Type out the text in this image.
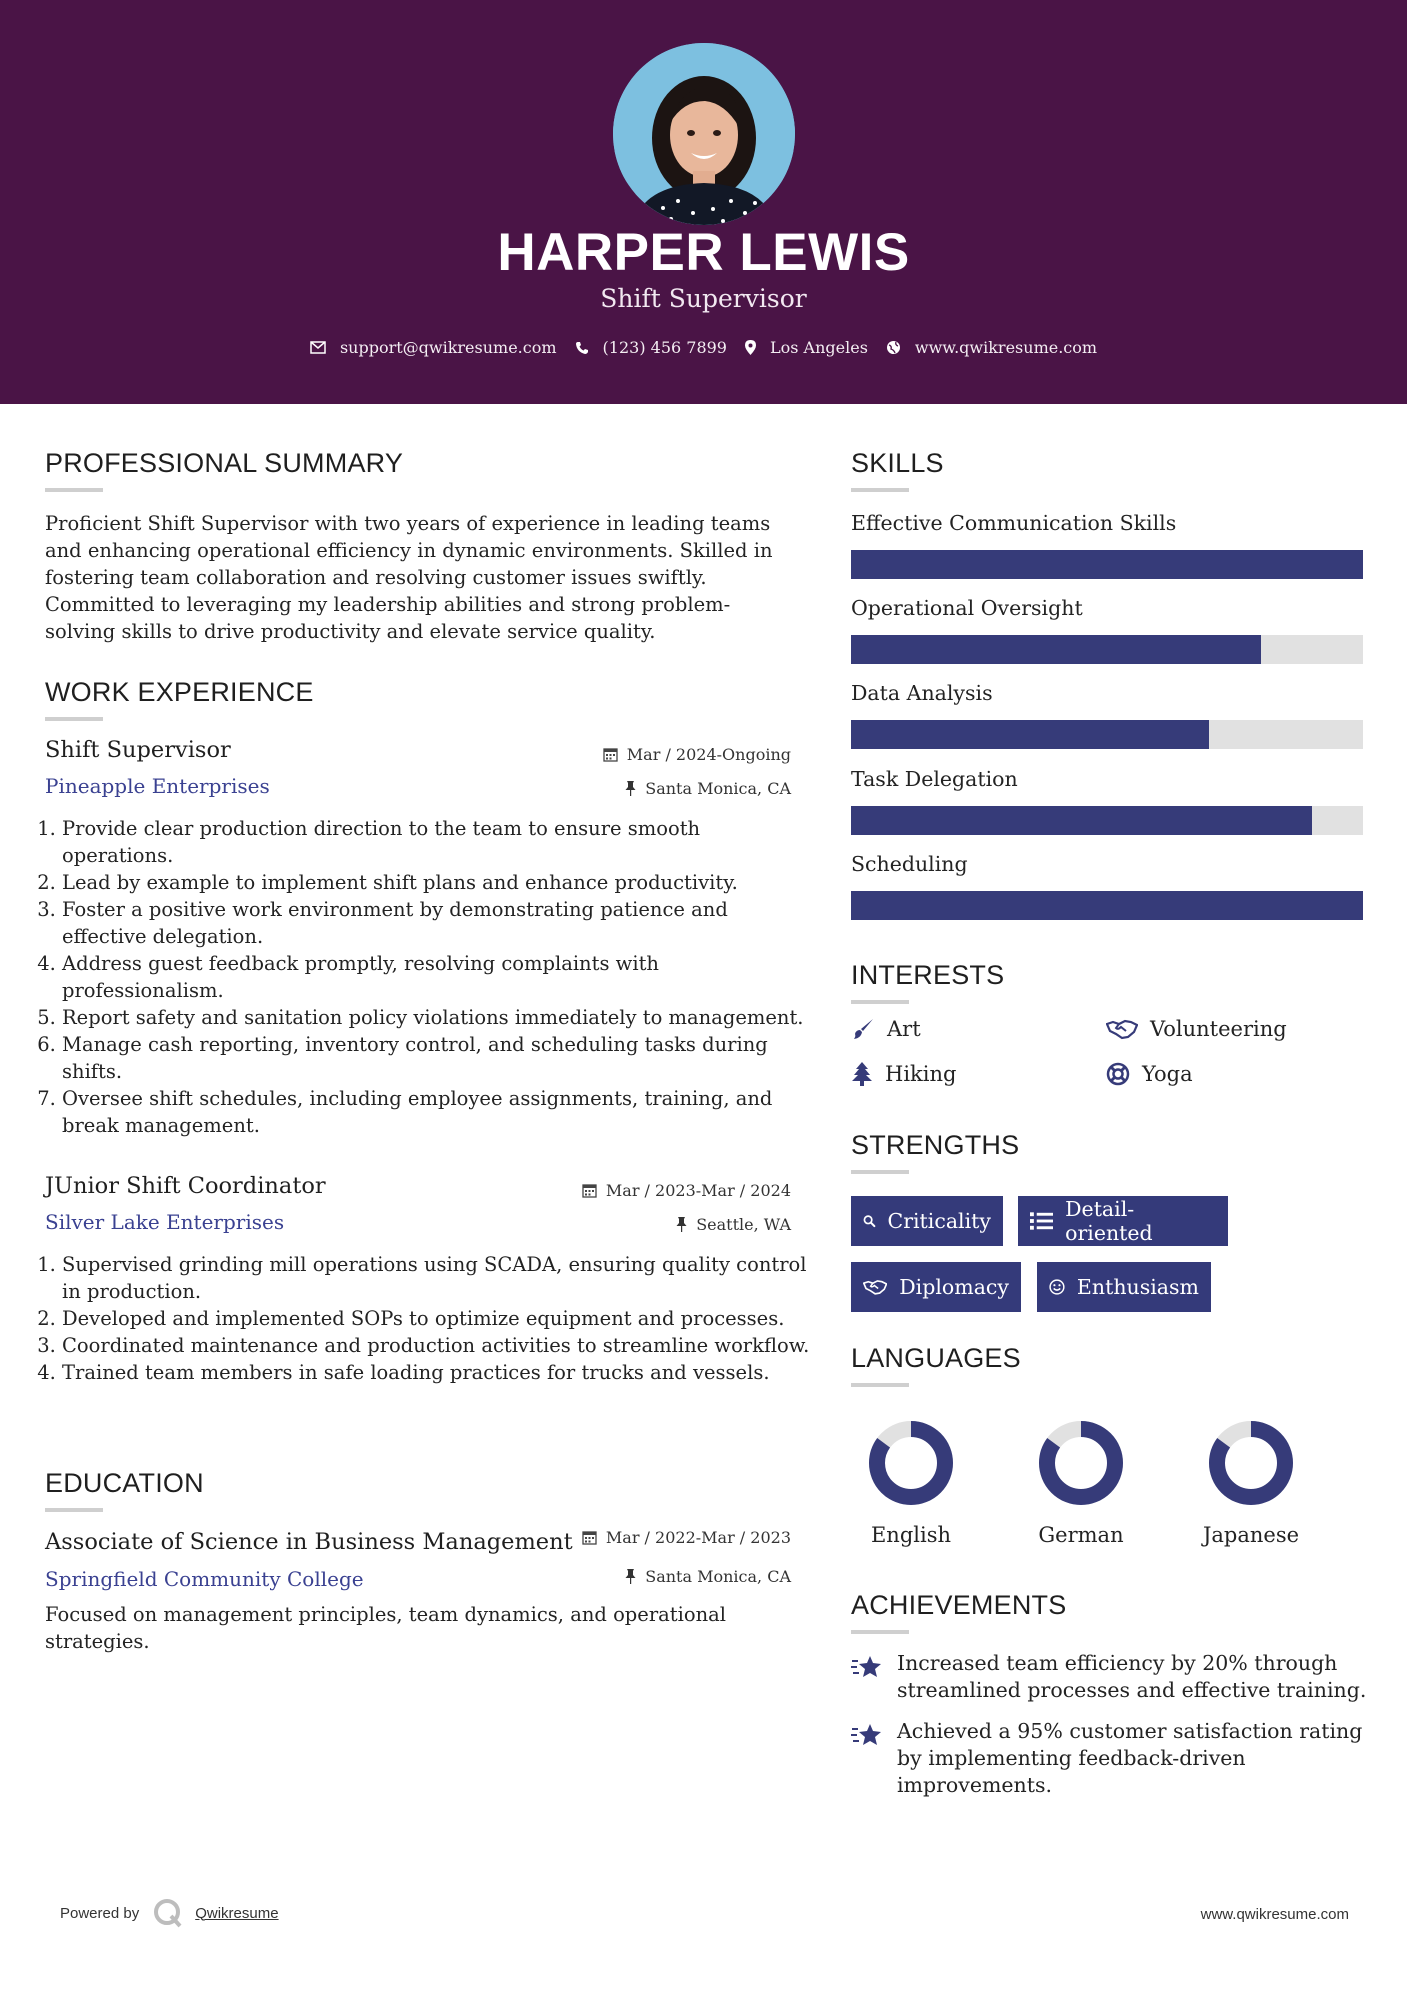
HARPER LEWIS
Shift Supervisor
support@qwikresume.com	(123) 456 7899	Los Angeles	www.qwikresume.com
PROFESSIONAL SUMMARY
Proficient Shift Supervisor with two years of experience in leading teams and enhancing operational efficiency in dynamic environments. Skilled in fostering team collaboration and resolving customer issues swiftly. Committed to leveraging my leadership abilities and strong problem-solving skills to drive productivity and elevate service quality.
WORK EXPERIENCE
Shift Supervisor	Mar / 2024-Ongoing
Pineapple Enterprises	Santa Monica, CA
1. Provide clear production direction to the team to ensure smooth operations.
2. Lead by example to implement shift plans and enhance productivity.
3. Foster a positive work environment by demonstrating patience and effective delegation.
4. Address guest feedback promptly, resolving complaints with professionalism.
5. Report safety and sanitation policy violations immediately to management.
6. Manage cash reporting, inventory control, and scheduling tasks during shifts.
7. Oversee shift schedules, including employee assignments, training, and break management.
JUnior Shift Coordinator	Mar / 2023-Mar / 2024
Silver Lake Enterprises	Seattle, WA
1. Supervised grinding mill operations using SCADA, ensuring quality control in production.
2. Developed and implemented SOPs to optimize equipment and processes.
3. Coordinated maintenance and production activities to streamline workflow.
4. Trained team members in safe loading practices for trucks and vessels.
EDUCATION
Associate of Science in Business Management Mar / 2022-Mar / 2023
Springfield Community College	Santa Monica, CA
Focused on management principles, team dynamics, and operational strategies.
SKILLS
Effective Communication Skills
Operational Oversight
Data Analysis
Task Delegation
Scheduling
INTERESTS
Art	Volunteering
Hiking	Yoga
STRENGTHS
Criticality	Detail-oriented
Diplomacy	Enthusiasm
LANGUAGES
English	German	Japanese
ACHIEVEMENTS
Increased team efficiency by 20% through streamlined processes and effective training.
Achieved a 95% customer satisfaction rating by implementing feedback-driven improvements.
Powered by	Qwikresume	www.qwikresume.com
